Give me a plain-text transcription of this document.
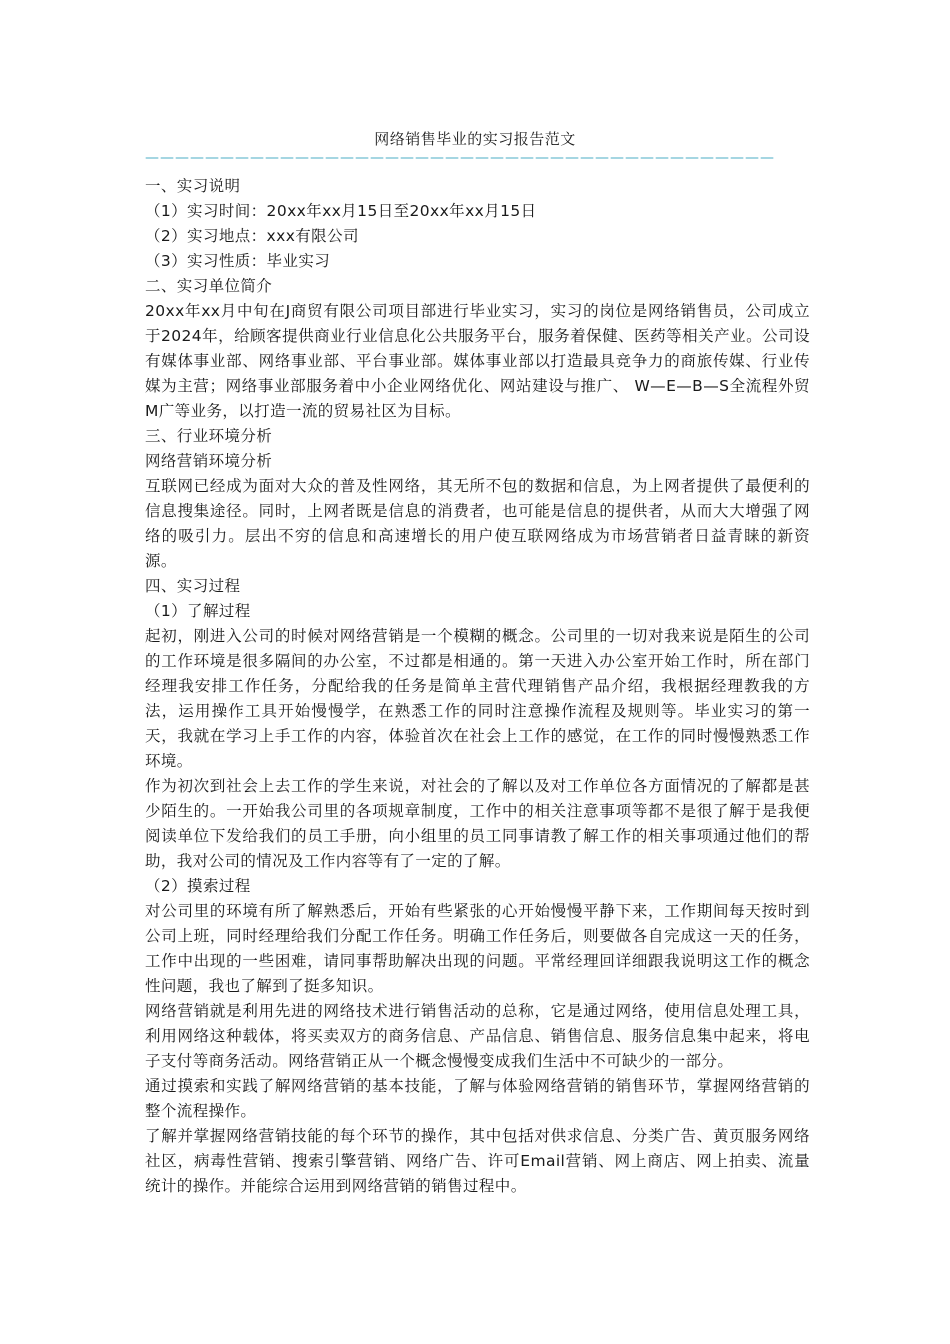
网络销售毕业的实习报告范文
——————————————————————————————————————————

一、实习说明

（1）实习时间：20xx年xx月15日至20xx年xx月15日

（2）实习地点：xxx有限公司

（3）实习性质：毕业实习

二、实习单位简介

20xx年xx月中旬在J商贸有限公司项目部进行毕业实习，实习的岗位是网络销售员，公司成立于2024年，给顾客提供商业行业信息化公共服务平台，服务着保健、医药等相关产业。公司设有媒体事业部、网络事业部、平台事业部。媒体事业部以打造最具竞争力的商旅传媒、行业传媒为主营；网络事业部服务着中小企业网络优化、网站建设与推广、 W—E—B—S全流程外贸M广等业务，以打造一流的贸易社区为目标。

三、行业环境分析

网络营销环境分析

互联网已经成为面对大众的普及性网络，其无所不包的数据和信息，为上网者提供了最便利的信息搜集途径。同时，上网者既是信息的消费者，也可能是信息的提供者，从而大大增强了网络的吸引力。层出不穷的信息和高速增长的用户使互联网络成为市场营销者日益青睐的新资源。

四、实习过程

（1）了解过程

起初，刚进入公司的时候对网络营销是一个模糊的概念。公司里的一切对我来说是陌生的公司的工作环境是很多隔间的办公室，不过都是相通的。第一天进入办公室开始工作时，所在部门经理我安排工作任务，分配给我的任务是简单主营代理销售产品介绍，我根据经理教我的方法，运用操作工具开始慢慢学，在熟悉工作的同时注意操作流程及规则等。毕业实习的第一天，我就在学习上手工作的内容，体验首次在社会上工作的感觉，在工作的同时慢慢熟悉工作环境。

作为初次到社会上去工作的学生来说，对社会的了解以及对工作单位各方面情况的了解都是甚少陌生的。一开始我公司里的各项规章制度，工作中的相关注意事项等都不是很了解于是我便阅读单位下发给我们的员工手册，向小组里的员工同事请教了解工作的相关事项通过他们的帮助，我对公司的情况及工作内容等有了一定的了解。

（2）摸索过程

对公司里的环境有所了解熟悉后，开始有些紧张的心开始慢慢平静下来，工作期间每天按时到公司上班，同时经理给我们分配工作任务。明确工作任务后，则要做各自完成这一天的任务，工作中出现的一些困难，请同事帮助解决出现的问题。平常经理回详细跟我说明这工作的概念性问题，我也了解到了挺多知识。

网络营销就是利用先进的网络技术进行销售活动的总称，它是通过网络，使用信息处理工具，利用网络这种载体，将买卖双方的商务信息、产品信息、销售信息、服务信息集中起来，将电子支付等商务活动。网络营销正从一个概念慢慢变成我们生活中不可缺少的一部分。

通过摸索和实践了解网络营销的基本技能，了解与体验网络营销的销售环节，掌握网络营销的整个流程操作。

了解并掌握网络营销技能的每个环节的操作，其中包括对供求信息、分类广告、黄页服务网络社区，病毒性营销、搜索引擎营销、网络广告、许可Email营销、网上商店、网上拍卖、流量统计的操作。并能综合运用到网络营销的销售过程中。
